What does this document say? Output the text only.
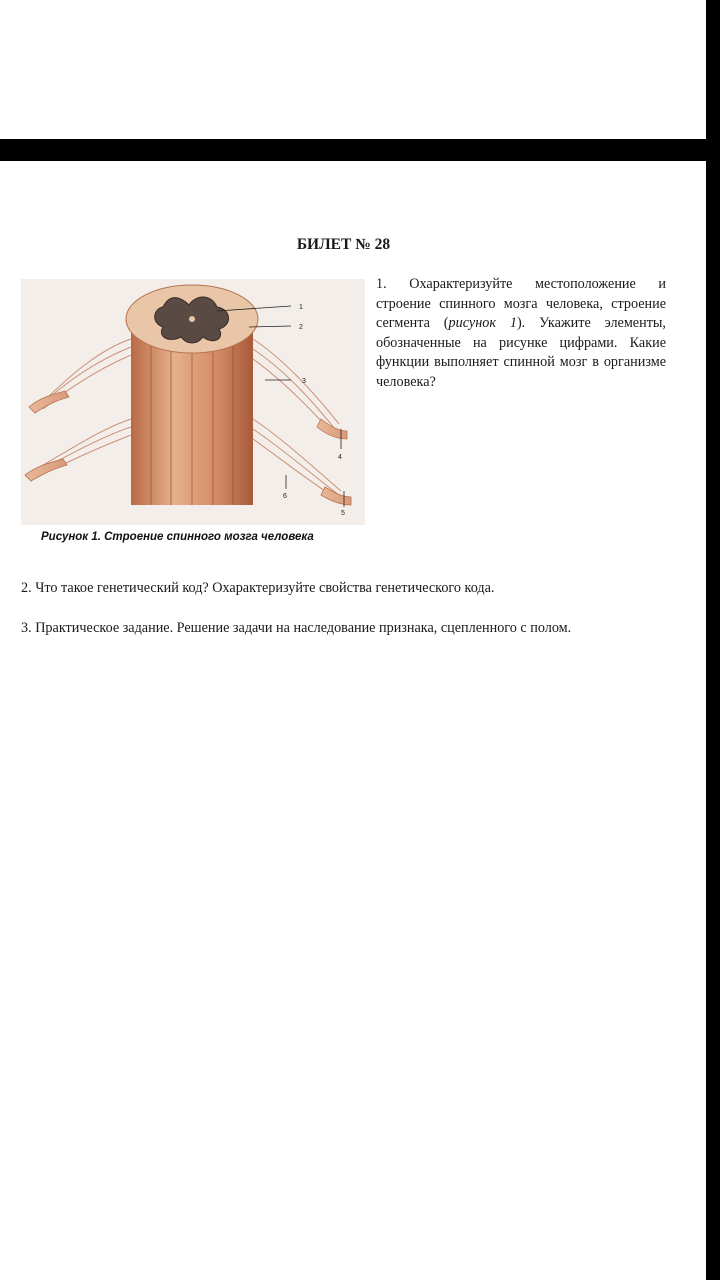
БИЛЕТ № 28
1
2
3
4
5
6
Рисунок 1. Строение спинного мозга человека
1. Охарактеризуйте местоположение и строение спинного мозга человека, строение сегмента (рисунок 1). Укажите элементы, обозначенные на рисунке цифрами. Какие функции выполняет спинной мозг в организме человека?
2. Что такое генетический код? Охарактеризуйте свойства генетического кода.
3. Практическое задание. Решение задачи на наследование признака, сцепленного с полом.
